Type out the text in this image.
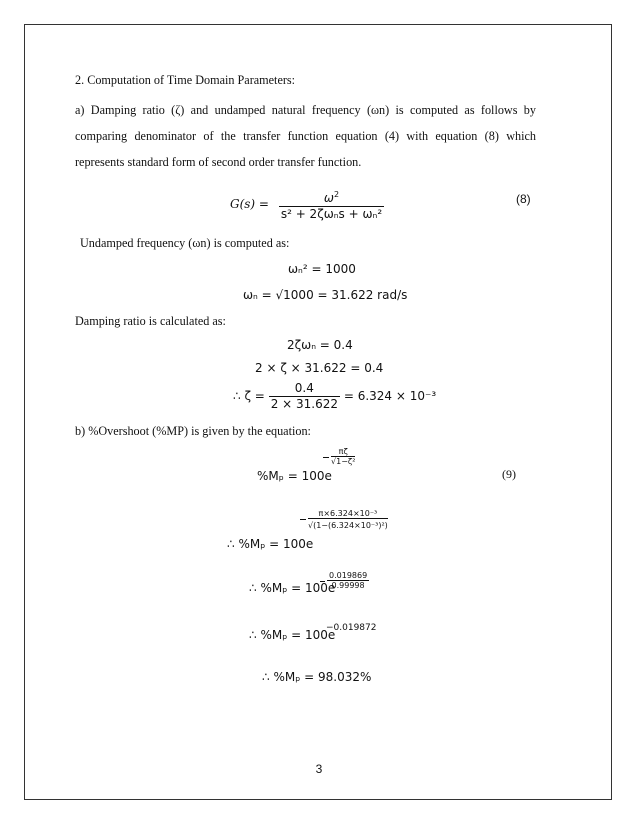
2. Computation of Time Domain Parameters:
a) Damping ratio (ζ) and undamped natural frequency (ωn) is computed as follows by comparing denominator of the transfer function equation (4) with equation (8) which represents standard form of second order transfer function.
$G(s) = \frac{\omega^2}{\text{s² + 2ζωₙs + ωₙ²}}$	(8)
Undamped frequency (ωn) is computed as:
ωₙ² = 1000
ωₙ = √1000 = 31.622 rad/s
Damping ratio is calculated as:
2ζωₙ = 0.4
2 × ζ × 31.622 = 0.4
∴ $\zeta = \frac{0.4}{2 \times 31.622} = 6.324 \times 10^{-3}$
b) %Overshoot (%MP) is given by the equation:
%Mₚ = 100e
$\frac{\pi\zeta}{\text{√1−ζ²}}$
(9)
∴ %Mₚ = 100e
$\frac{\text{π×6.324×10⁻³}}{\text{√(1−(6.324×10⁻³)²)}}$
∴ %Mₚ = 100e
$\frac{0.019869}{0.99998}$
∴ %Mₚ = 100e
−0.019872
∴ %Mₚ = 98.032%
3
